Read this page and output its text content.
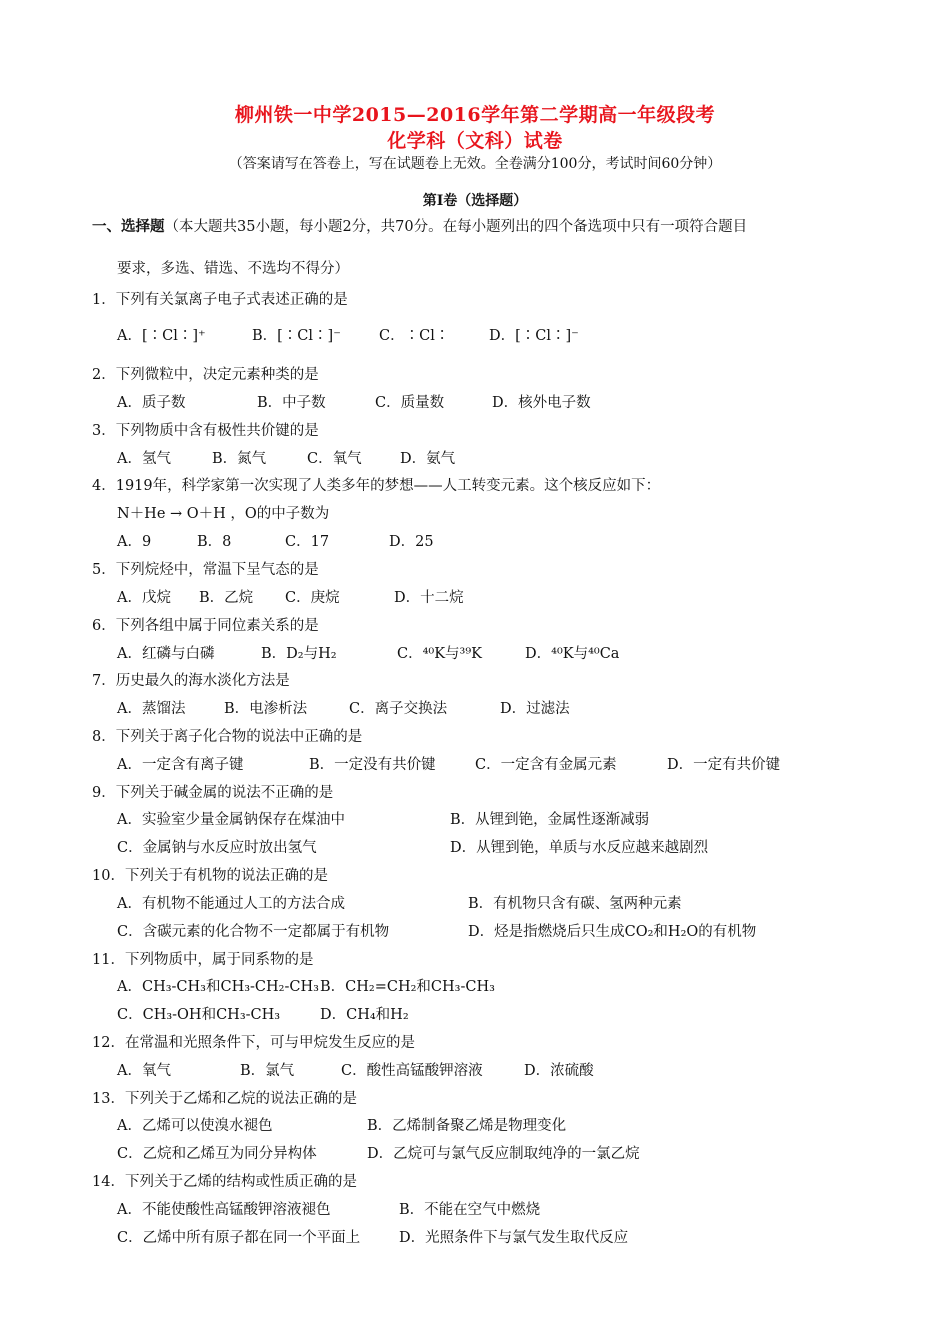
柳州铁一中学2015—2016学年第二学期高一年级段考
化学科（文科）试卷
（答案请写在答卷上，写在试题卷上无效。全卷满分100分，考试时间60分钟）
第Ⅰ卷（选择题）
一、选择题（本大题共35小题，每小题2分，共70分。在每小题列出的四个备选项中只有一项符合题目
要求，多选、错选、不选均不得分）
1．下列有关氯离子电子式表述正确的是
A．[∶Cl∶]⁺	B．[∶Cl∶]⁻	C．∶Cl∶	D．[∶Cl∶]⁻
2．下列微粒中，决定元素种类的是
A．质子数	B．中子数	C．质量数	D．核外电子数
3．下列物质中含有极性共价键的是
A．氢气	B．氮气	C．氧气	D．氨气
4．1919年，科学家第一次实现了人类多年的梦想——人工转变元素。这个核反应如下：
N＋He → O＋H ，O的中子数为
A．9	B．8	C．17	D．25
5．下列烷烃中，常温下呈气态的是
A．戊烷 B．乙烷 C．庚烷	D．十二烷
6．下列各组中属于同位素关系的是
A．红磷与白磷	B．D₂与H₂	C．⁴⁰K与³⁹K	D．⁴⁰K与⁴⁰Ca
7．历史最久的海水淡化方法是
A．蒸馏法	B．电渗析法	C．离子交换法	D．过滤法
8．下列关于离子化合物的说法中正确的是
A．一定含有离子键	B．一定没有共价键	C．一定含有金属元素	D．一定有共价键
9．下列关于碱金属的说法不正确的是
A．实验室少量金属钠保存在煤油中	B．从锂到铯，金属性逐渐减弱
C．金属钠与水反应时放出氢气	D．从锂到铯，单质与水反应越来越剧烈
10．下列关于有机物的说法正确的是
A．有机物不能通过人工的方法合成	B．有机物只含有碳、氢两种元素
C．含碳元素的化合物不一定都属于有机物	D．烃是指燃烧后只生成CO₂和H₂O的有机物
11．下列物质中，属于同系物的是
A．CH₃-CH₃和CH₃-CH₂-CH₃ B．CH₂=CH₂和CH₃-CH₃
C．CH₃-OH和CH₃-CH₃	D．CH₄和H₂
12．在常温和光照条件下，可与甲烷发生反应的是
A．氧气	B．氯气	C．酸性高锰酸钾溶液	D．浓硫酸
13．下列关于乙烯和乙烷的说法正确的是
A．乙烯可以使溴水褪色	B．乙烯制备聚乙烯是物理变化
C．乙烷和乙烯互为同分异构体	D．乙烷可与氯气反应制取纯净的一氯乙烷
14．下列关于乙烯的结构或性质正确的是
A．不能使酸性高锰酸钾溶液褪色	B．不能在空气中燃烧
C．乙烯中所有原子都在同一个平面上	D．光照条件下与氯气发生取代反应
